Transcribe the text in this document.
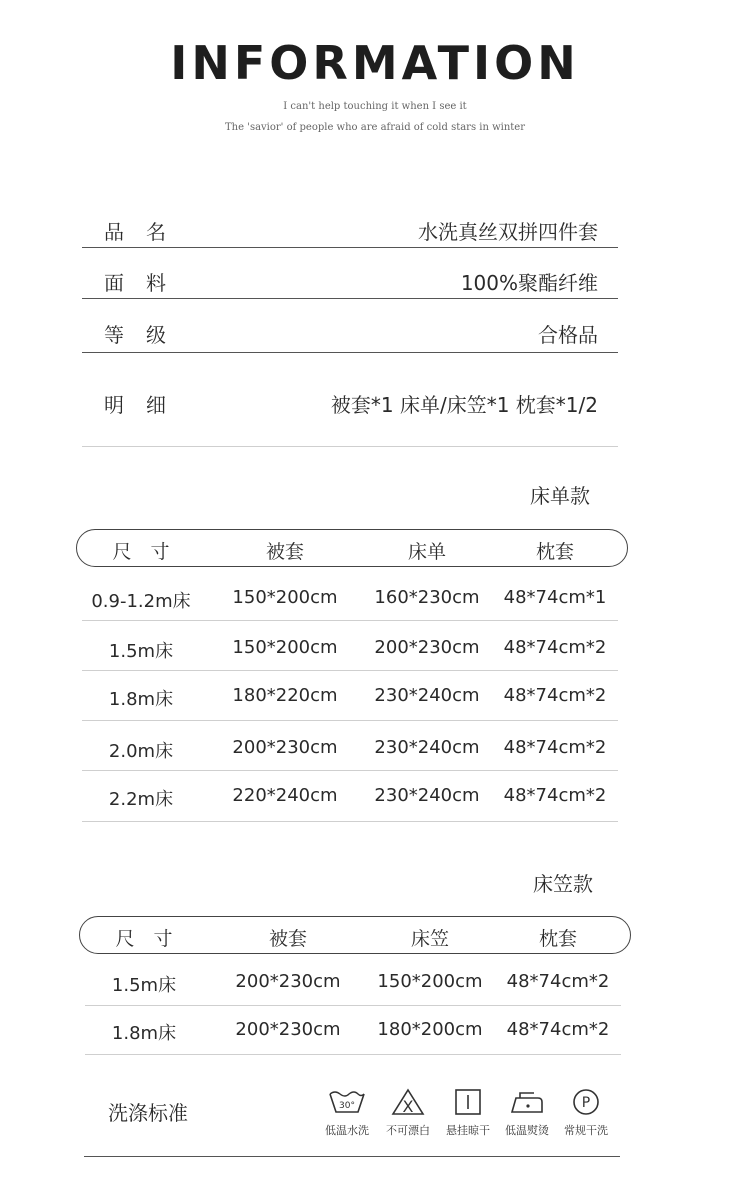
INFORMATION
I can't help touching it when I see it
The 'savior' of people who are afraid of cold stars in winter
品名	水洗真丝双拼四件套
面料	100%聚酯纤维
等级	合格品
明细	被套*1 床单/床笠*1 枕套*1/2
床单款
尺　寸	被套	床单	枕套
0.9-1.2m床	150*200cm	160*230cm	48*74cm*1
1.5m床	150*200cm	200*230cm	48*74cm*2
1.8m床	180*220cm	230*240cm	48*74cm*2
2.0m床	200*230cm	230*240cm	48*74cm*2
2.2m床	220*240cm	230*240cm	48*74cm*2
床笠款
尺　寸	被套	床笠	枕套
1.5m床	200*230cm	150*200cm	48*74cm*2
1.8m床	200*230cm	180*200cm	48*74cm*2
洗涤标准	30°
低温水洗
X
不可漂白	悬挂晾干	低温熨烫
P
常规干洗
